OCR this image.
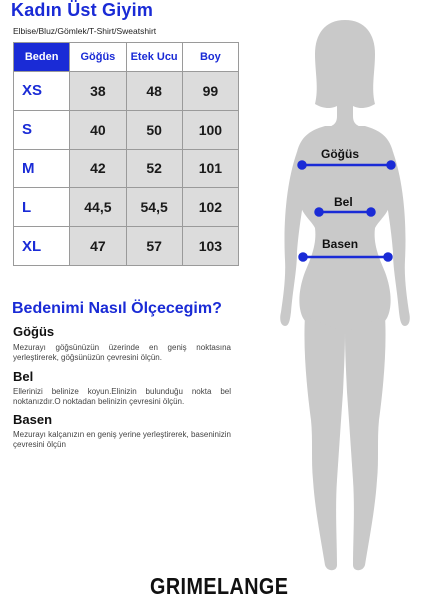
Kadın Üst Giyim
Elbise/Bluz/Gömlek/T-Shirt/Sweatshirt
Beden	Göğüs	Etek Ucu	Boy
XS	38	48	99
S	40	50	100
M	42	52	101
L	44,5	54,5	102
XL	47	57	103
Bedenimi Nasıl Ölçecegim?
Göğüs
Mezurayı göğsünüzün üzerinde en geniş noktasına yerleştirerek, göğsünüzün çevresini ölçün.
Bel
Ellerinizi belinize koyun.Elinizin bulunduğu nokta bel noktanızdır.O noktadan belinizin çevresini ölçün.
Basen
Mezurayı kalçanızın en geniş yerine yerleştirerek, baseninizin çevresini ölçün
GRIMELANGE
Göğüs
Bel
Basen
